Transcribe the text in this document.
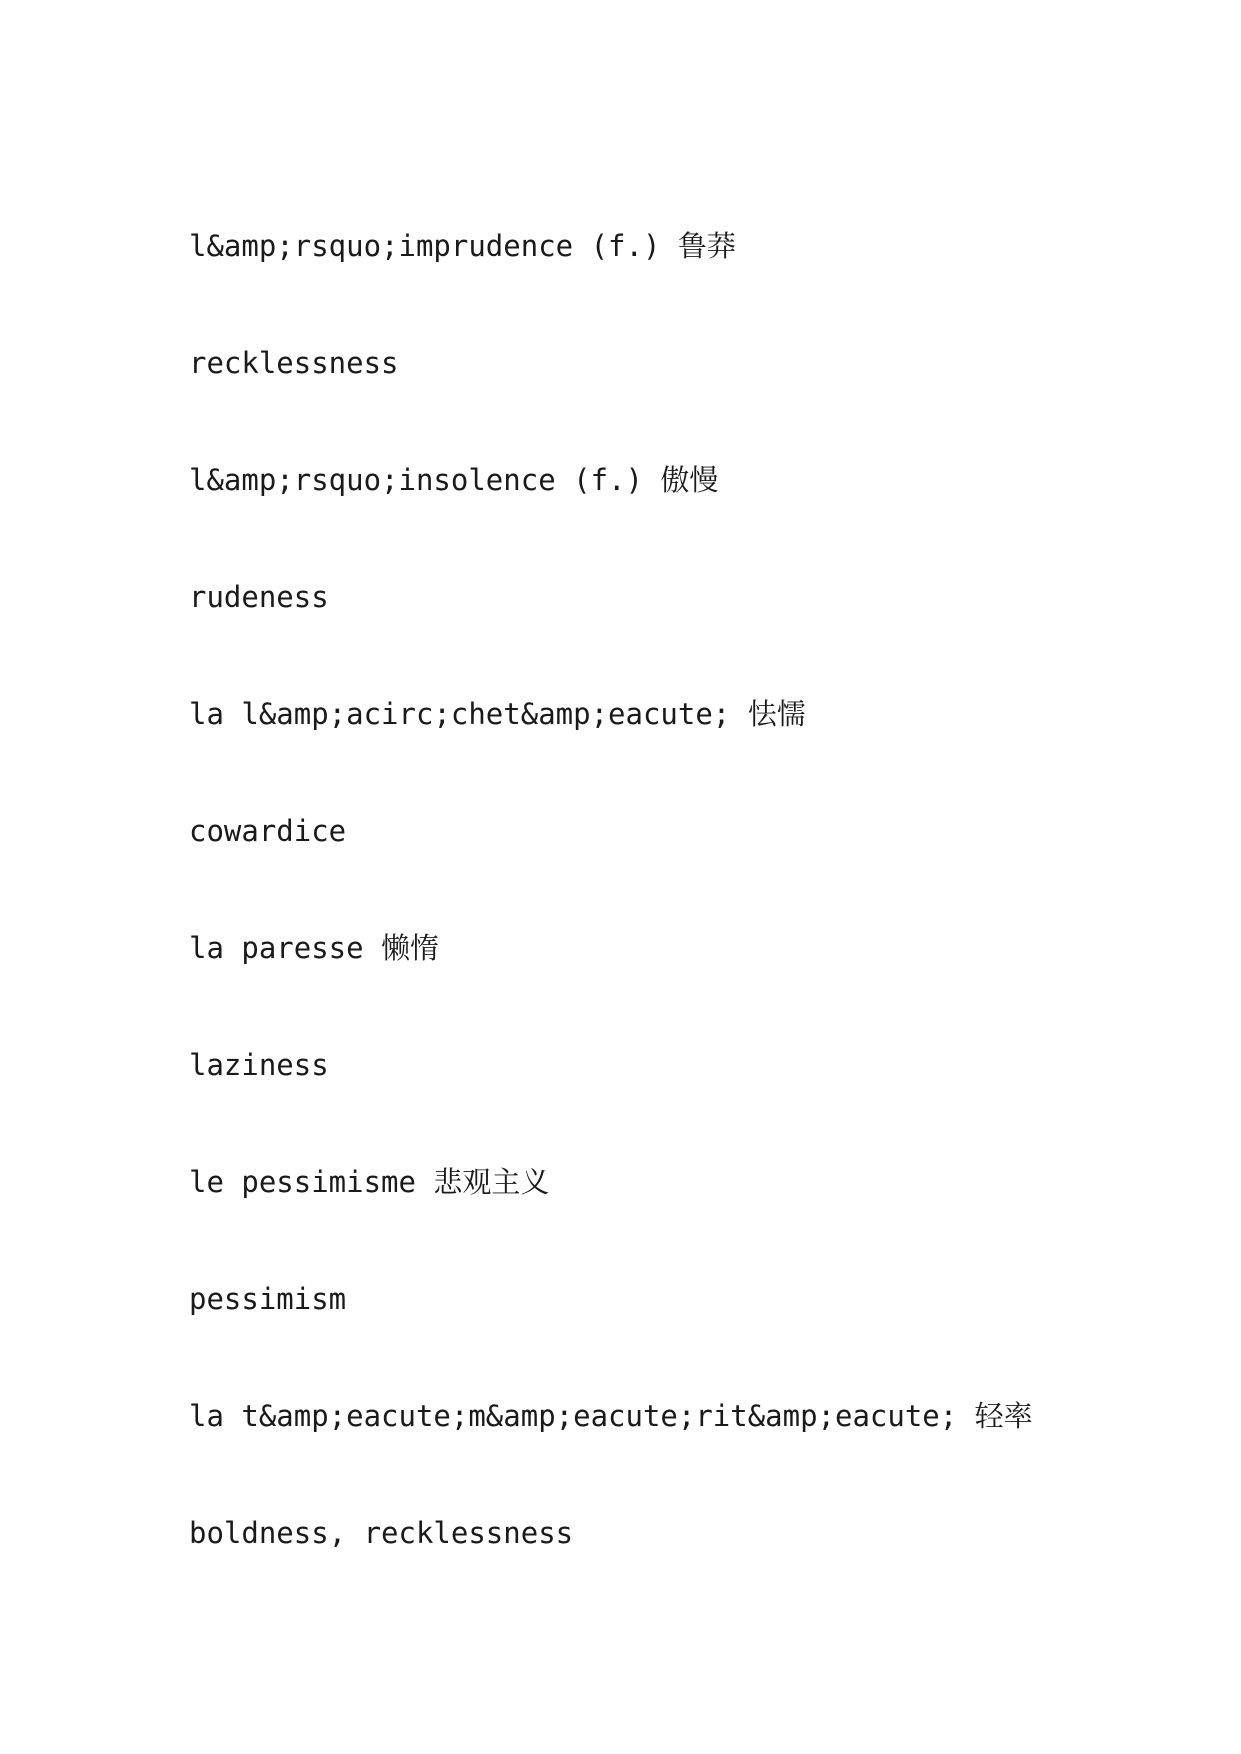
l&amp;rsquo;imprudence (f.) 鲁莽
recklessness
l&amp;rsquo;insolence (f.) 傲慢
rudeness
la l&amp;acirc;chet&amp;eacute; 怯懦
cowardice
la paresse 懒惰
laziness
le pessimisme 悲观主义
pessimism
la t&amp;eacute;m&amp;eacute;rit&amp;eacute; 轻率
boldness, recklessness
